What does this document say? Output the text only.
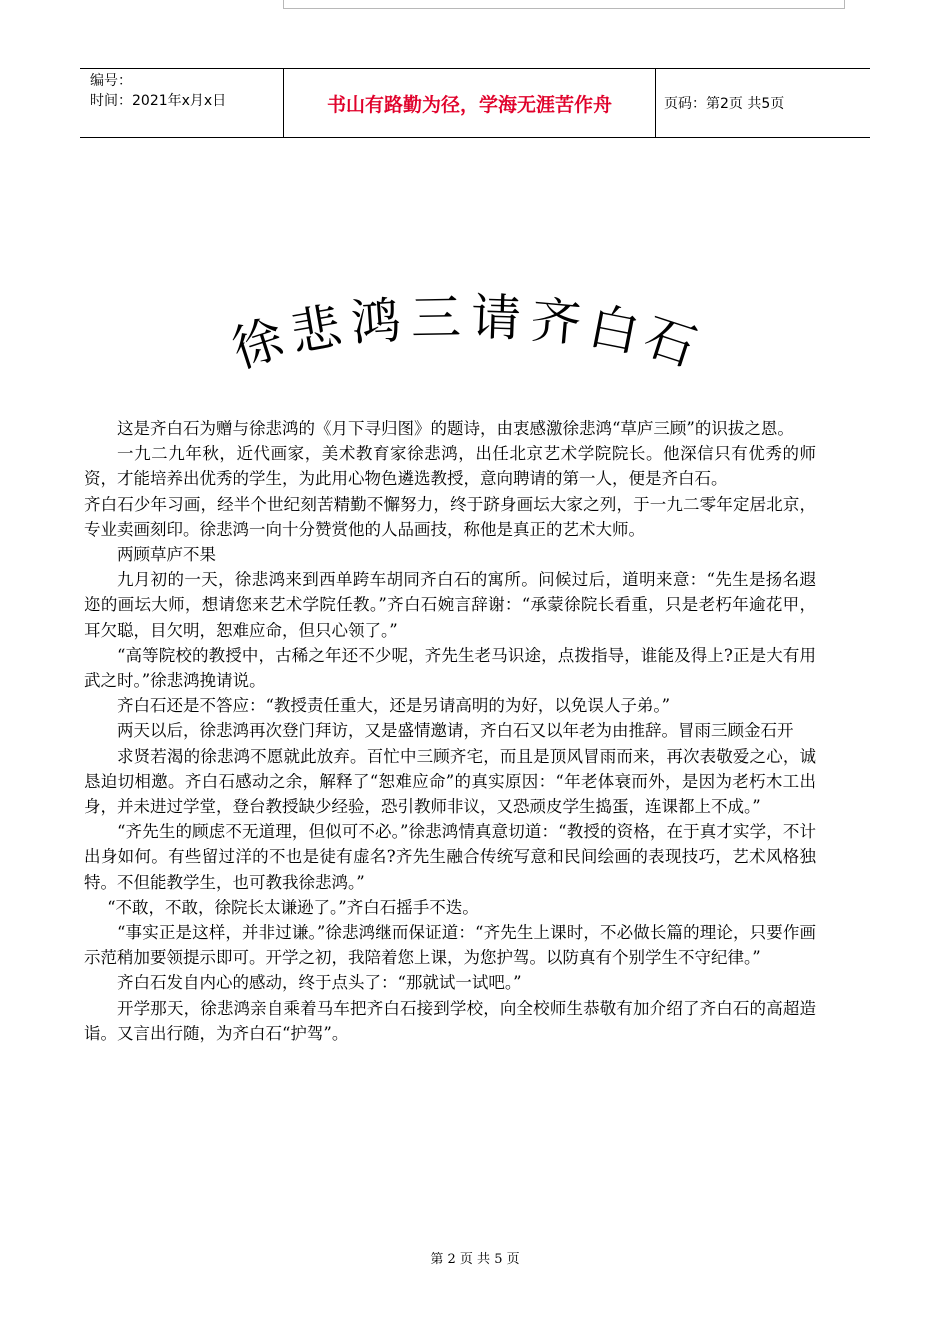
编号：
时间：2021年x月x日	书山有路勤为径，学海无涯苦作舟	页码：第2页 共5页
徐
悲 鸿 三 请 齐 白
石

这是齐白石为赠与徐悲鸿的《月下寻归图》的题诗，由衷感激徐悲鸿“草庐三顾”的识拔之恩。

一九二九年秋，近代画家，美术教育家徐悲鸿，出任北京艺术学院院长。他深信只有优秀的师资，才能培养出优秀的学生，为此用心物色遴选教授，意向聘请的第一人，便是齐白石。

齐白石少年习画，经半个世纪刻苦精勤不懈努力，终于跻身画坛大家之列，于一九二零年定居北京，专业卖画刻印。徐悲鸿一向十分赞赏他的人品画技，称他是真正的艺术大师。

两顾草庐不果

九月初的一天，徐悲鸿来到西单跨车胡同齐白石的寓所。问候过后，道明来意：“先生是扬名遐迩的画坛大师，想请您来艺术学院任教。”齐白石婉言辞谢：“承蒙徐院长看重，只是老朽年逾花甲，耳欠聪，目欠明，恕难应命，但只心领了。”

“高等院校的教授中，古稀之年还不少呢，齐先生老马识途，点拨指导，谁能及得上?正是大有用武之时。”徐悲鸿挽请说。

齐白石还是不答应：“教授责任重大，还是另请高明的为好，以免误人子弟。”

两天以后，徐悲鸿再次登门拜访，又是盛情邀请，齐白石又以年老为由推辞。冒雨三顾金石开

求贤若渴的徐悲鸿不愿就此放弃。百忙中三顾齐宅，而且是顶风冒雨而来，再次表敬爱之心，诚恳迫切相邀。齐白石感动之余，解释了“恕难应命”的真实原因：“年老体衰而外，是因为老朽木工出身，并未进过学堂，登台教授缺少经验，恐引教师非议，又恐顽皮学生捣蛋，连课都上不成。”

“齐先生的顾虑不无道理，但似可不必。”徐悲鸿情真意切道：“教授的资格，在于真才实学，不计出身如何。有些留过洋的不也是徒有虚名?齐先生融合传统写意和民间绘画的表现技巧，艺术风格独特。不但能教学生，也可教我徐悲鸿。”

“不敢，不敢，徐院长太谦逊了。”齐白石摇手不迭。

“事实正是这样，并非过谦。”徐悲鸿继而保证道：“齐先生上课时，不必做长篇的理论，只要作画示范稍加要领提示即可。开学之初，我陪着您上课，为您护驾。以防真有个别学生不守纪律。”

齐白石发自内心的感动，终于点头了：“那就试一试吧。”

开学那天，徐悲鸿亲自乘着马车把齐白石接到学校，向全校师生恭敬有加介绍了齐白石的高超造诣。又言出行随，为齐白石“护驾”。

第 2 页 共 5 页
